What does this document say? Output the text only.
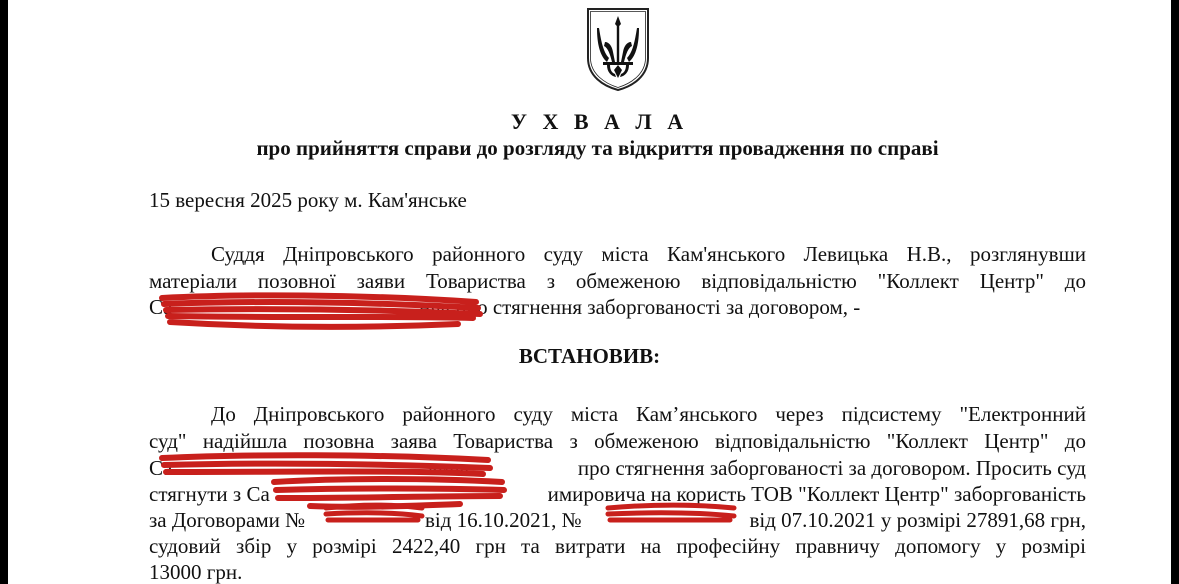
У Х В А Л А
про прийняття справи до розгляду та відкриття провадження по справі
15 вересня 2025 року м. Кам'янське
Суддя Дніпровського районного суду міста Кам'янського Левицька Н.В., розглянувши
матеріали позовної заяви Товариства з обмеженою відповідальністю "Коллект Центр" до
Са	нча про стягнення заборгованості за договором, -
ВСТАНОВИВ:
До Дніпровського районного суду міста Кам’янського через підсистему "Електронний
суд" надійшла позовна заява Товариства з обмеженою відповідальністю "Коллект Центр" до
Са	вича	про стягнення заборгованості за договором. Просить суд
стягнути з Са	имировича на користь ТОВ "Коллект Центр" заборгованість
за Договорами №	від 16.10.2021, №	від 07.10.2021 у розмірі 27891,68 грн,
судовий збір у розмірі 2422,40 грн та витрати на професійну правничу допомогу у розмірі
13000 грн.
